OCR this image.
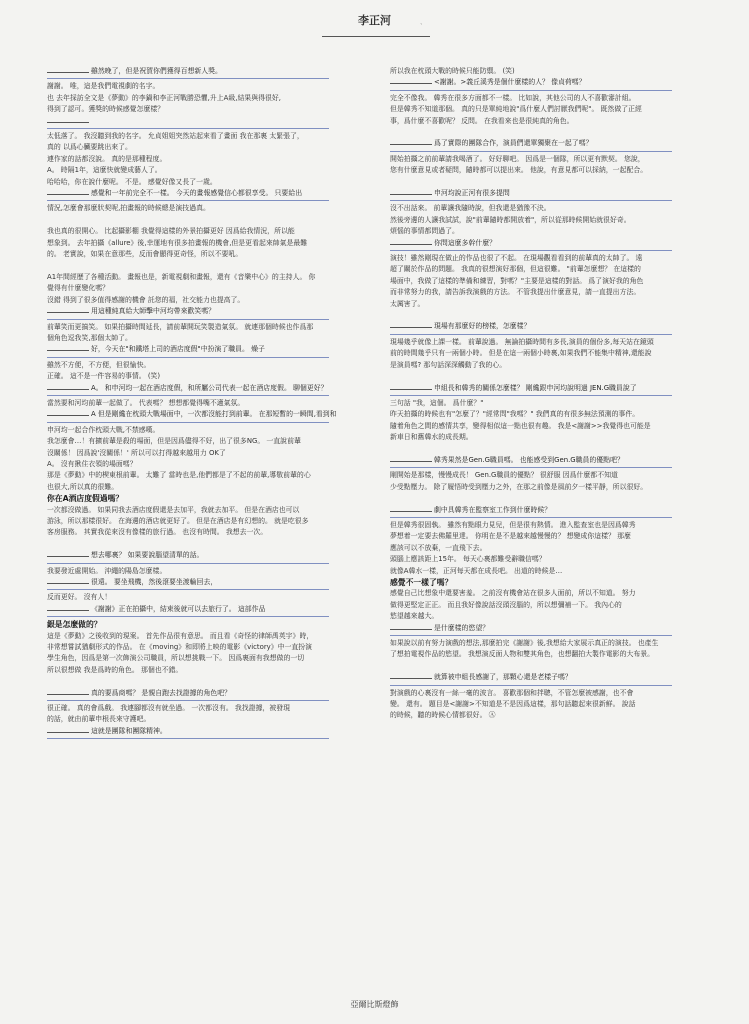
李正河	ˎ
雖然晚了，但是祝賀你們獲得百想新人獎。
謝謝。 唯，這是我們電視劇的名字。
也 去年採訪全文是《夢動》的李鍋和李正河戰勝恐懼,升上A級,結果與得很好,
得到了認可。獲獎的時候感覺怎麼樣？
太低落了。 我沒聽到我的名字。 允貞姐姐突然站起來看了畫面 我在那裏 太緊張了，
真的 以爲心臟要跳出來了。
連作家的話都沒說。 真的是那種程度。
A。 時隔1年，這麼快就變成藝人了。
哈哈哈，你在說什麼呢。 不是。 感覺好像又長了一歲。
感覺和一年前完全不一樣。 今天的畫報感覺信心都很享受。 只要給出
情況,怎麼會那麼狀契呢,拍畫報的時候總是演技過真。
我也真的很開心。 比起攝影棚 我覺得這樣的外景拍攝更好 因爲給我情況，所以能
想象到。 去年拍攝《allure》後,幸運地有很多拍畫報的機會,但是更看起來帥氣是最難
的。 老實說，如果在意那些，反而會顯得更奇怪，所以不要吼。
A1年間經歷了各種活動。 畫報也是，新電視劇和畫報，還有《音樂中心》的主持人。 你
覺得有什麼變化嗎？
沒錯 得到了很多值得感謝的機會 託您的福，社交能力也提高了。
用這種純真給大師擊中河均帶來歡笑嗎？
前輩笑而更搞笑。 如果拍攝時間延長，請前輩開玩笑製造氣氛。 就連那個時候也作爲那
個角色逗我笑,那個太帥了。
好，今天在"和鐵塔上司的酒店度假"中扮演了職員。 燥子
雖然不方便，不方便，但很愉快。
正確。 這不是一件容易的事情。 (笑)
A。 和申河均一起在酒店度假，和所屬公司代表一起在酒店度假。 聊個更好？
當然要和河均前輩一起做了。 代表嗎？ 想想都覺得嘴不適氣氛。
A 但是剛纔在枕頭大戰場面中，一次都沒能打到前輩。 在那短暫的一瞬間,看到和
申河均一起合作枕頭大戰,不禁感嘆。
我怎麼會…！有擴前輩是殺的場面，但是因爲儘得不好，出了很多NG。 一直說前輩
沒關係！ 因爲說'沒關係！' 所以可以打得越來越用力 OK了
A。 沒有揪住衣領的場面嗎？
那是《夢動》中的楔東根前輩。 太難了 當時也是,他們都是了不起的前輩,導敬前輩的心
也很大,所以真的很難。
你在A酒店度假過嗎？
一次都沒做過。 如果同我去酒店度假還是去加平，我就去加平。 但是在酒店也可以
游泳，所以那樣很好。 在海邊的酒店就更好了。 但是在酒店是有幻想的。 就是吃很多
客房服務。 其實我從來沒有像樣的旅行過。 也沒有時間。 我想去一次。
想去哪裏？ 如果要說腦望清單的話。
我要發近處開始。 沖繩的陽島怎麼樣。
很遠。 要坐飛機，然後滾要坐渡輪回去，
反而更好。 沒有人！
《謝謝》正在拍攝中，結束後就可以去旅行了。 這部作品
銀是怎麼做的？
這是《夢動》之後收到的現案。 首先作品很有意思。 而且看《奇怪的律師禹英宇》時，
非常想嘗試猶劇形式的作品。 在《moving》和即將上映的電影《victory》中一直扮演
學生角色，因爲是第一次飾演公司職員，所以想挑戰一下。 因爲裏面有我想做的一切
所以很想做 我是爲時的角色。 那個也不錯。
真的要爲商嗎？ 是親自跑去找證據的角色吧？
很正確。 真的會爲戲。 我連腳都沒有就坐過。 一次都沒有。 我找證據，被發現
的話，就由前輩申根長來守護吧。
這就是團隊和團隊精神。
所以我在枕頭大戰的時候只能防禦。 (笑)
<謝謝。>義丘溪秀是個什麼樣的人？ 像貞荷嗎？
完全不像我。 韓秀在很多方面都不一樣。 比如說，其他公司的人不喜歡審計組。
但是韓秀不知道那個。 真的只是單純地說"爲什麼人們討厭我們呢"。 既然做了正經
事，爲什麼不喜歡呢？ 反問。 在我看來也是很純真的角色。
爲了實際的團隊合作，演員們還單獨聚在一起了嗎？
開始拍攝之前前輩請我喝酒了。 好好聊吧。 因爲是一個隊，所以更有默契。 您說，
您有什麼意見或者疑問，隨時都可以提出來。 他說，有意見都可以採納，一起配合。
申河均說正河有很多提問
沒不出話來。 前輩讓我隨時說，但我還是猶豫不決。
然後旁邊的人讓我試試，說"前輩隨時都開放着"，所以從那時候開始就很好奇。
煩惱的事情都問過了。
你問這麼多幹什麼？
演技！雖然剛現在做止的作品也很了不起。 在現場觀看看到的前輩真的太帥了。 遠
超了關於作品的問題。 我真的很想演好那個，但這很難。 "前輩怎麼想？ 在這樣的
場面中，我做了這樣的準備和練習，對嗎？"主要是這樣的對話。 爲了演好我的角色
而非常努力的我，請告訴我演戲的方法。 不管我提出什麼意見，請一直提出方法。
太厲害了。
現場有那麼好的榜樣，怎麼樣？
現場幾乎就像上課一樣。 前輩說過。 無論拍攝時間有多長,演員的個份多,每天站在鏡頭
前的時間幾乎只有一兩個小時。 但是在這一兩個小時裏,如果我們不能集中精神,還能說
是演員嗎? 那句話深深觸動了我的心。
申組長和韓秀的關係怎麼樣？ 剛纔跟申河均說明過 JEN.G職員說了
三句話 "我，這個。 爲什麼？"
昨天拍攝的時候也有"怎麼了？"經常問"我嗎？" 我們真的有很多無法預測的事件。
隨着角色之間的感情共享，變得相似這一點也很有趣。 我是<謝謝>>我覺得也可能是
新車日和舊韓水的成長期。
韓秀果然是Gen.G職員嗎。 也能感受到Gen.G職員的優點吧？
剛開始是那樣，慢慢成長！ Gen.G職員的優點？ 很舒服 因爲什麼都不知道
少受點壓力。 除了履悟時受到壓力之外，在那之前像是風前夕一樣平靜，所以很好。
劇中具韓秀在監察室工作到什麼時候？
但是韓秀很固執。 雖然有點眼力見兒，但是很有熱情。 進入監查室也是因爲韓秀
夢想着一定要去佛羅里達。 你明在是不是越來越慢慢的？ 想變成你這樣？ 那麼
應該可以不放棄，一直飛下去。
頭腦上應該距上15年。 每天心裏都難受辭職信嗎？
就像A韓水一樣，正河每天都在成長吧。 出道的時候是…
感覺不一樣了嗎？
感覺自己比想象中還要害羞。 之前沒有機會站在很多人面前，所以不知道。 努力
做得更堅定正正。 而且我好像說話沒頭沒腦的，所以想彌補一下。 我內心的
慾望越來越大。
是什麼樣的慾望？
如果說以前有努力演戲的想法,那麼拍完《謝謝》後,我想給大家展示真正的演技。 也產生
了想拍電視作品的慾望。 我想演反面人物和雙其角色，也想翻拍大製作電影的大布景。
就算被申組長感謝了，那顆心還是老樣子嗎？
對演戲的心裏沒有一絲一毫的波言。 喜歡那個和拌聰，不管怎麼被感謝，也不會
變。 還有。 題目是<謝謝>不知道是不是因爲這樣，那句話聽起來很新鮮。 說話
的時候，聽的時候心情都很好。 Ⓐ
亞爾比斯燈飾
